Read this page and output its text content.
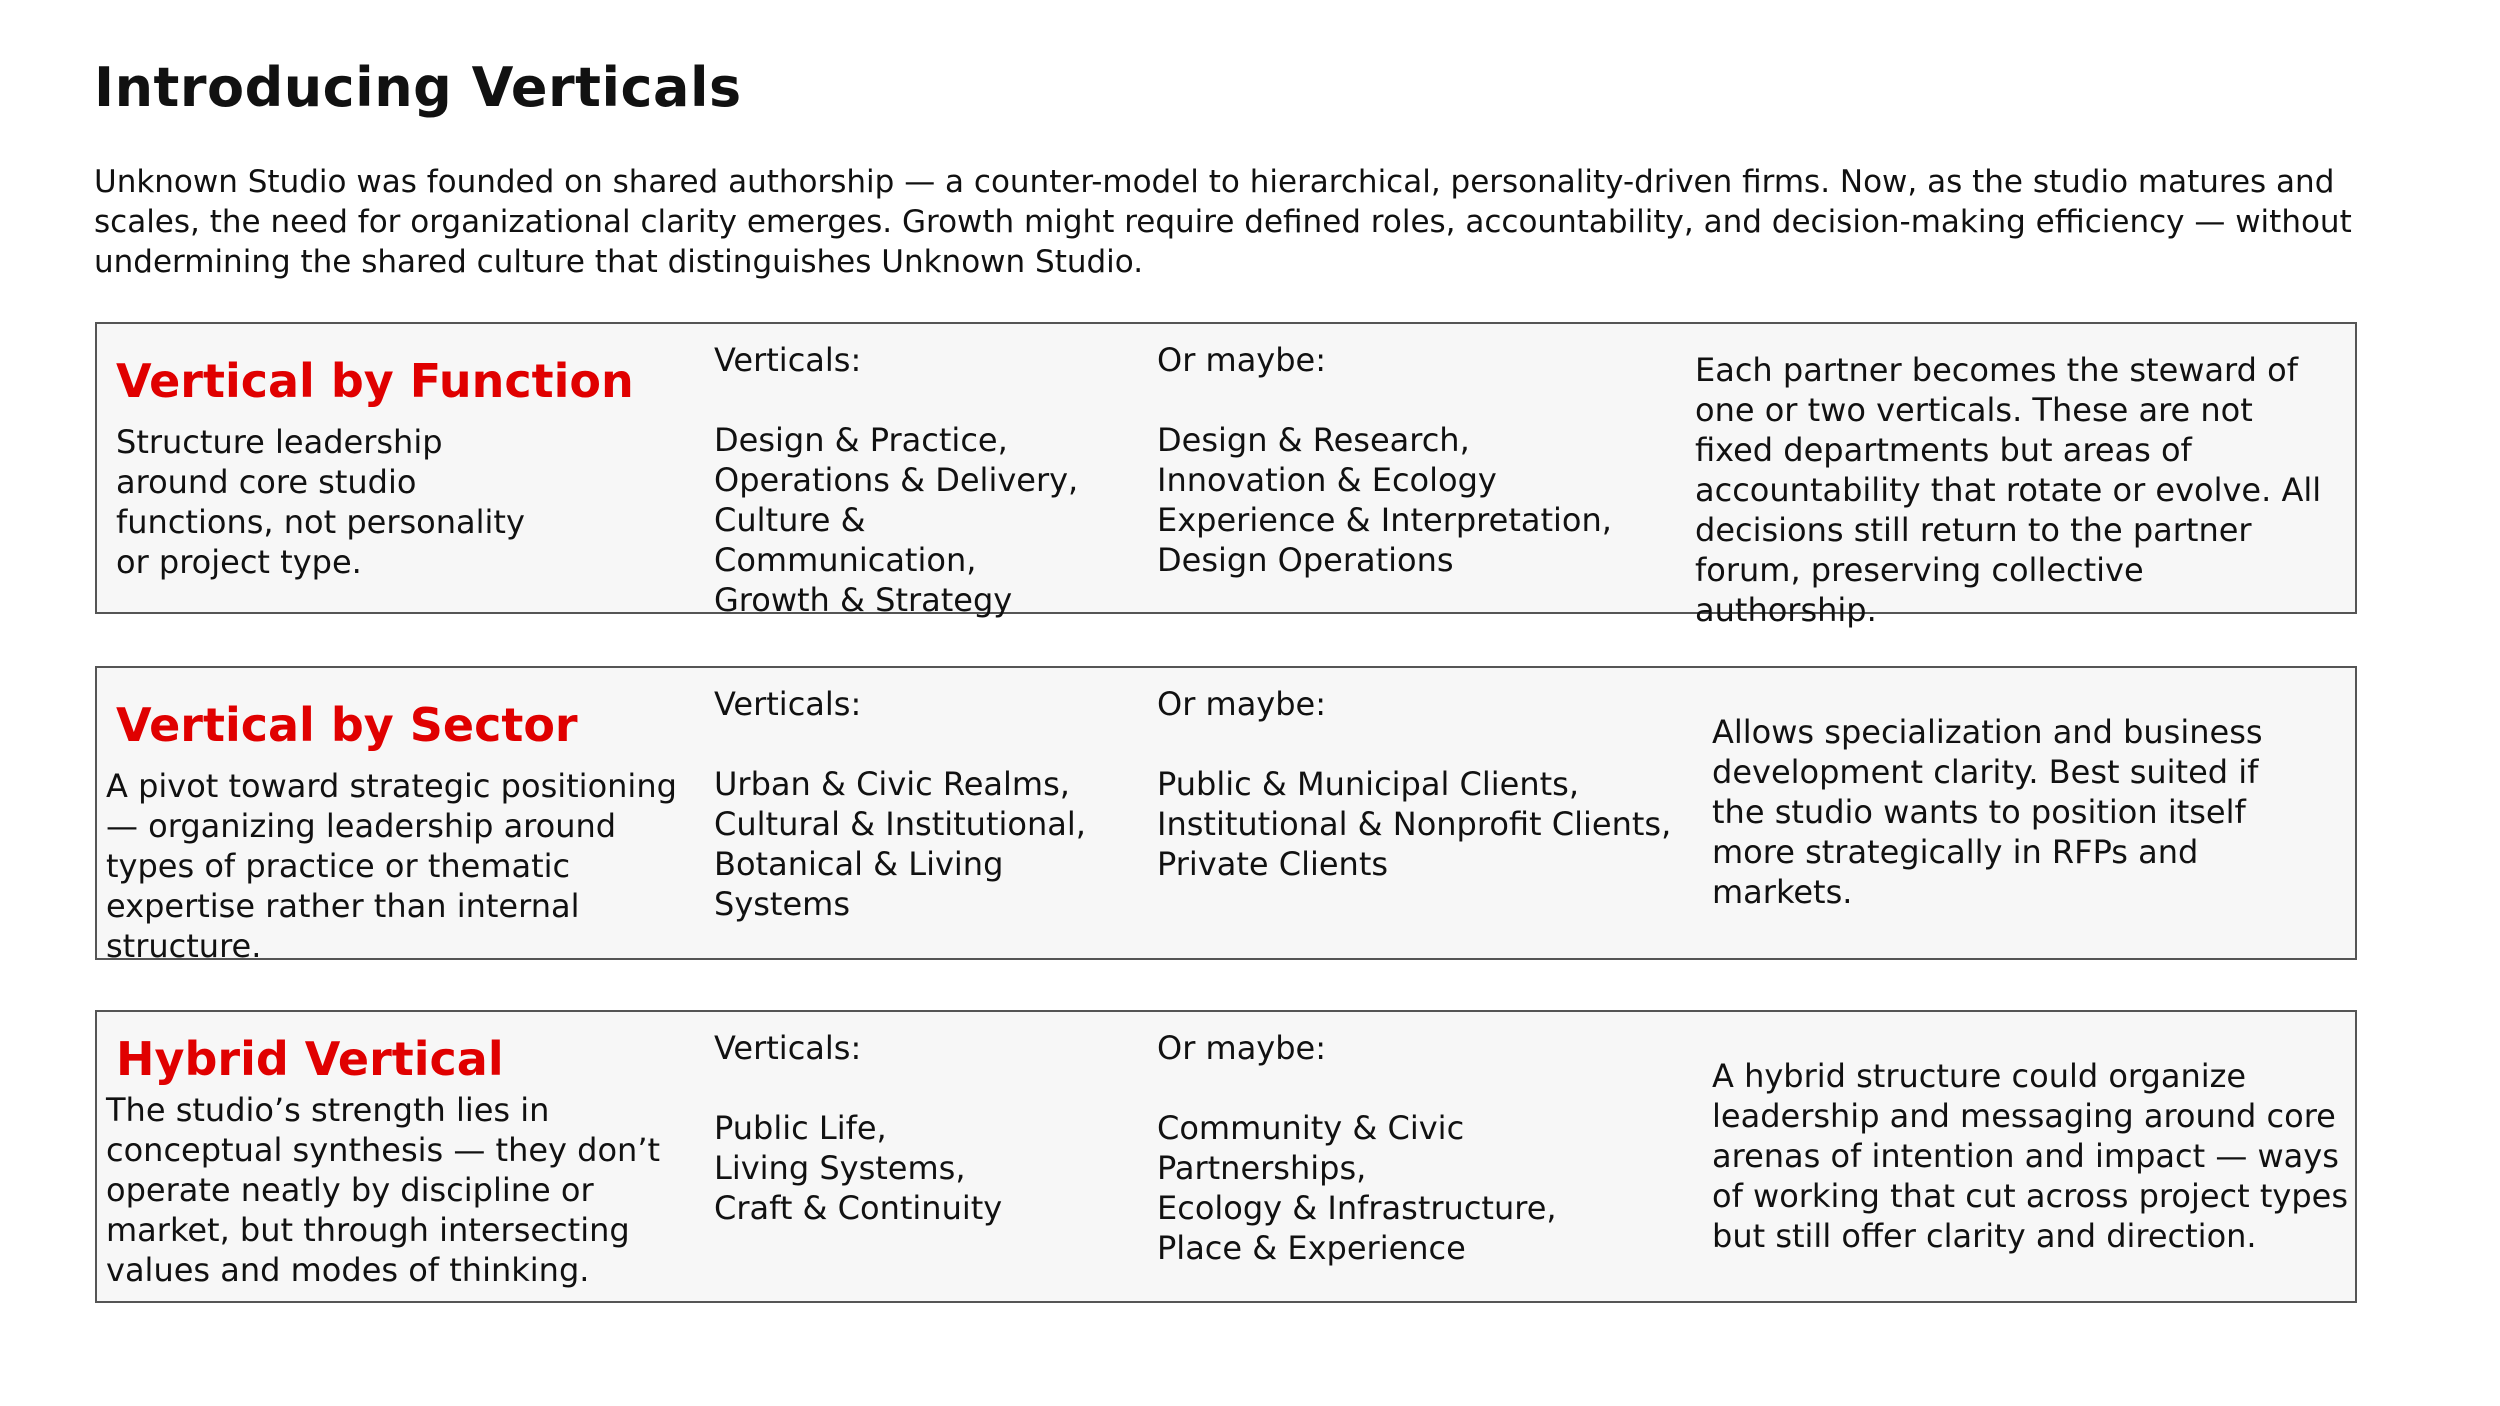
Introducing Verticals

Unknown Studio was founded on shared authorship — a counter-model to hierarchical, personality-driven firms. Now, as the studio matures and scales, the need for organizational clarity emerges. Growth might require defined roles, accountability, and decision-making efficiency — without undermining the shared culture that distinguishes Unknown Studio.

Vertical by Function
Structure leadership around core studio functions, not personality or project type.
Verticals:
Design & Practice,
Operations & Delivery,
Culture & Communication,
Growth & Strategy
Or maybe:
Design & Research,
Innovation & Ecology
Experience & Interpretation,
Design Operations
Each partner becomes the steward of one or two verticals. These are not fixed departments but areas of accountability that rotate or evolve. All decisions still return to the partner forum, preserving collective authorship.
Vertical by Sector
A pivot toward strategic positioning — organizing leadership around types of practice or thematic expertise rather than internal structure.
Verticals:
Urban & Civic Realms,
Cultural & Institutional,
Botanical & Living
Systems
Or maybe:
Public & Municipal Clients,
Institutional & Nonprofit Clients,
Private Clients
Allows specialization and business development clarity. Best suited if the studio wants to position itself more strategically in RFPs and markets.
Hybrid Vertical
The studio’s strength lies in conceptual synthesis — they don’t operate neatly by discipline or market, but through intersecting values and modes of thinking.
Verticals:
Public Life,
Living Systems,
Craft & Continuity
Or maybe:
Community & Civic Partnerships,
Ecology & Infrastructure,
Place & Experience
A hybrid structure could organize leadership and messaging around core arenas of intention and impact — ways of working that cut across project types but still offer clarity and direction.
